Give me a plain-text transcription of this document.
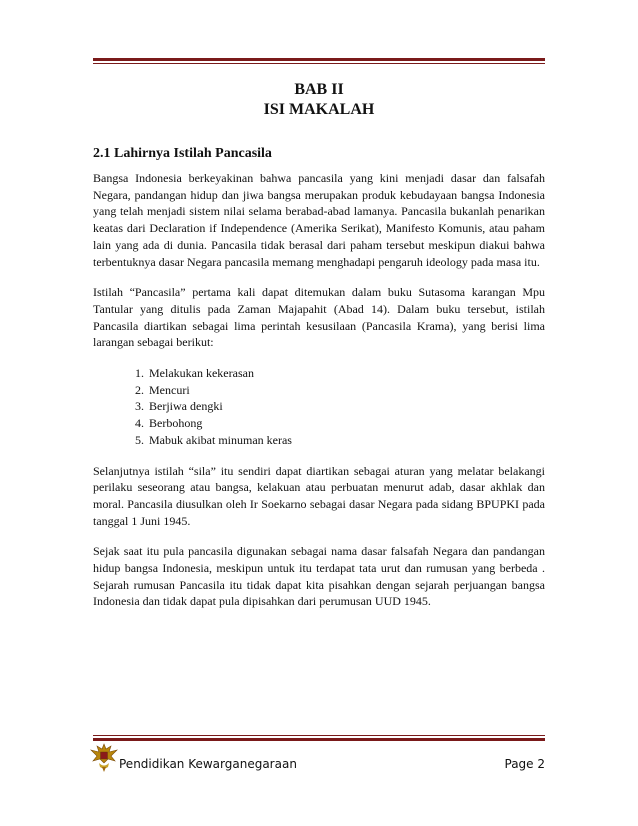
BAB II
ISI MAKALAH
2.1 Lahirnya Istilah Pancasila

Bangsa Indonesia berkeyakinan bahwa pancasila yang kini menjadi dasar dan falsafah Negara, pandangan hidup dan jiwa bangsa merupakan produk kebudayaan bangsa Indonesia yang telah menjadi sistem nilai selama berabad-abad lamanya. Pancasila bukanlah penarikan keatas dari Declaration if Independence (Amerika Serikat), Manifesto Komunis, atau paham lain yang ada di dunia. Pancasila tidak berasal dari paham tersebut meskipun diakui bahwa terbentuknya dasar Negara pancasila memang menghadapi pengaruh ideology pada masa itu.

Istilah “Pancasila” pertama kali dapat ditemukan dalam buku Sutasoma karangan Mpu Tantular yang ditulis pada Zaman Majapahit (Abad 14). Dalam buku tersebut, istilah Pancasila diartikan sebagai lima perintah kesusilaan (Pancasila Krama), yang berisi lima larangan sebagai berikut:

1. Melakukan kekerasan
2. Mencuri
3. Berjiwa dengki
4. Berbohong
5. Mabuk akibat minuman keras

Selanjutnya istilah “sila” itu sendiri dapat diartikan sebagai aturan yang melatar belakangi perilaku seseorang atau bangsa, kelakuan atau perbuatan menurut adab, dasar akhlak dan moral. Pancasila diusulkan oleh Ir Soekarno sebagai dasar Negara pada sidang BPUPKI pada tanggal 1 Juni 1945.

Sejak saat itu pula pancasila digunakan sebagai nama dasar falsafah Negara dan pandangan hidup bangsa Indonesia, meskipun untuk itu terdapat tata urut dan rumusan yang berbeda . Sejarah rumusan Pancasila itu tidak dapat kita pisahkan dengan sejarah perjuangan bangsa Indonesia dan tidak dapat pula dipisahkan dari perumusan UUD 1945.

Pendidikan Kewarganegaraan	Page 2
